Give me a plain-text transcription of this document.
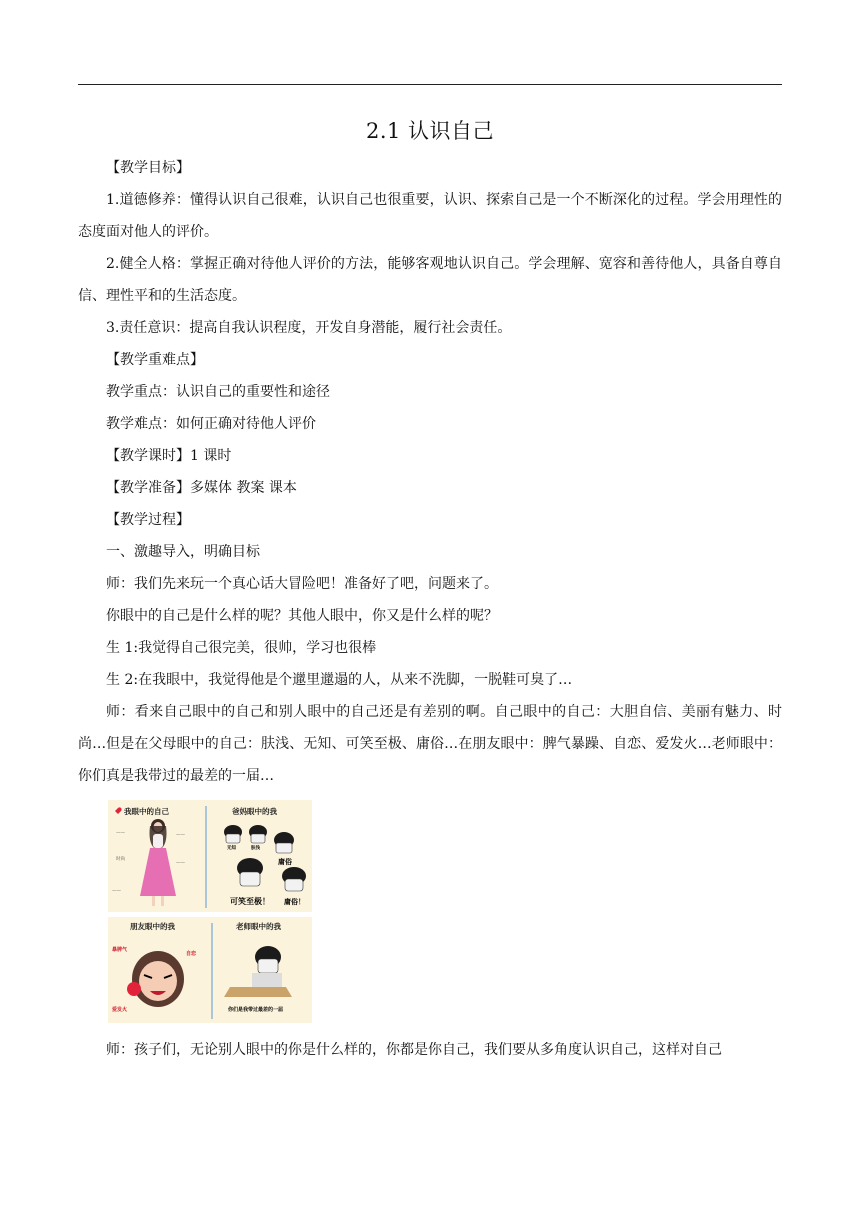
2.1 认识自己

【教学目标】

1.道德修养：懂得认识自己很难，认识自己也很重要，认识、探索自己是一个不断深化的过程。学会用理性的态度面对他人的评价。

2.健全人格：掌握正确对待他人评价的方法，能够客观地认识自己。学会理解、宽容和善待他人，具备自尊自信、理性平和的生活态度。

3.责任意识：提高自我认识程度，开发自身潜能，履行社会责任。

【教学重难点】

教学重点：认识自己的重要性和途径

教学难点：如何正确对待他人评价

【教学课时】1 课时

【教学准备】多媒体 教案 课本

【教学过程】

一、激趣导入，明确目标

师：我们先来玩一个真心话大冒险吧！准备好了吧，问题来了。

你眼中的自己是什么样的呢？其他人眼中，你又是什么样的呢？

生 1:我觉得自己很完美，很帅，学习也很棒

生 2:在我眼中，我觉得他是个邋里邋遢的人，从来不洗脚，一脱鞋可臭了…

师：看来自己眼中的自己和别人眼中的自己还是有差别的啊。自己眼中的自己：大胆自信、美丽有魅力、时尚…但是在父母眼中的自己：肤浅、无知、可笑至极、庸俗…在朋友眼中：脾气暴躁、自恋、爱发火…老师眼中：你们真是我带过的最差的一届…

我眼中的自己
——	——
时尚
——
——
爸妈眼中的我
无知	肤浅
庸俗
可笑至极！ 庸俗！
朋友眼中的我	老师眼中的我
暴脾气
自恋
爱发火	你们是我带过最差的一届

师：孩子们，无论别人眼中的你是什么样的，你都是你自己，我们要从多角度认识自己，这样对自己
